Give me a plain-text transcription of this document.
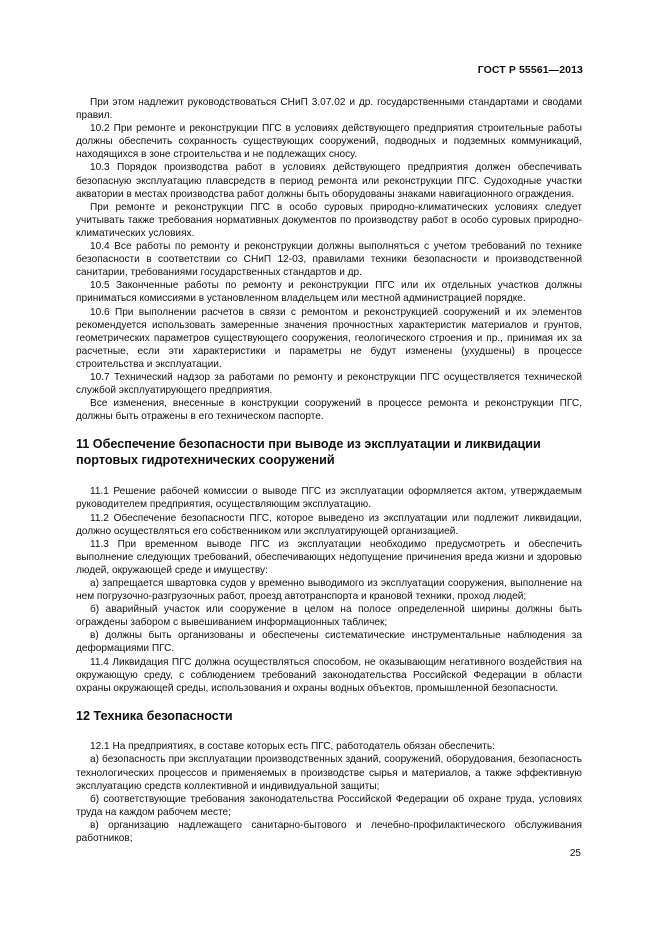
ГОСТ Р 55561—2013

При этом надлежит руководствоваться СНиП 3.07.02 и др. государственными стандартами и сводами правил.

10.2 При ремонте и реконструкции ПГС в условиях действующего предприятия строительные работы должны обеспечить сохранность существующих сооружений, подводных и подземных коммуникаций, находящихся в зоне строительства и не подлежащих сносу.

10.3 Порядок производства работ в условиях действующего предприятия должен обеспечивать безопасную эксплуатацию плавсредств в период ремонта или реконструкции ПГС. Судоходные участки акватории в местах производства работ должны быть оборудованы знаками навигационного ограждения.

При ремонте и реконструкции ПГС в особо суровых природно-климатических условиях следует учитывать также требования нормативных документов по производству работ в особо суровых природно-климатических условиях.

10.4 Все работы по ремонту и реконструкции должны выполняться с учетом требований по технике безопасности в соответствии со СНиП 12-03, правилами техники безопасности и производственной санитарии, требованиями государственных стандартов и др.

10.5 Законченные работы по ремонту и реконструкции ПГС или их отдельных участков должны приниматься комиссиями в установленном владельцем или местной администрацией порядке.

10.6 При выполнении расчетов в связи с ремонтом и реконструкцией сооружений и их элементов рекомендуется использовать замеренные значения прочностных характеристик материалов и грунтов, геометрических параметров существующего сооружения, геологического строения и пр., принимая их за расчетные, если эти характеристики и параметры не будут изменены (ухудшены) в процессе строительства и эксплуатации.

10.7 Технический надзор за работами по ремонту и реконструкции ПГС осуществляется технической службой эксплуатирующего предприятия.

Все изменения, внесенные в конструкции сооружений в процессе ремонта и реконструкции ПГС, должны быть отражены в его техническом паспорте.

11 Обеспечение безопасности при выводе из эксплуатации и ликвидации портовых гидротехнических сооружений

11.1 Решение рабочей комиссии о выводе ПГС из эксплуатации оформляется актом, утверждаемым руководителем предприятия, осуществляющим эксплуатацию.

11.2 Обеспечение безопасности ПГС, которое выведено из эксплуатации или подлежит ликвидации, должно осуществляться его собственником или эксплуатирующей организацией.

11.3 При временном выводе ПГС из эксплуатации необходимо предусмотреть и обеспечить выполнение следующих требований, обеспечивающих недопущение причинения вреда жизни и здоровью людей, окружающей среде и имуществу:

а) запрещается швартовка судов у временно выводимого из эксплуатации сооружения, выполнение на нем погрузочно-разгрузочных работ, проезд автотранспорта и крановой техники, проход людей;

б) аварийный участок или сооружение в целом на полосе определенной ширины должны быть ограждены забором с вывешиванием информационных табличек;

в) должны быть организованы и обеспечены систематические инструментальные наблюдения за деформациями ПГС.

11.4 Ликвидация ПГС должна осуществляться способом, не оказывающим негативного воздействия на окружающую среду, с соблюдением требований законодательства Российской Федерации в области охраны окружающей среды, использования и охраны водных объектов, промышленной безопасности.

12 Техника безопасности

12.1 На предприятиях, в составе которых есть ПГС, работодатель обязан обеспечить:

а) безопасность при эксплуатации производственных зданий, сооружений, оборудования, безопасность технологических процессов и применяемых в производстве сырья и материалов, а также эффективную эксплуатацию средств коллективной и индивидуальной защиты;

б) соответствующие требования законодательства Российской Федерации об охране труда, условиях труда на каждом рабочем месте;

в) организацию надлежащего санитарно-бытового и лечебно-профилактического обслуживания работников;

25
